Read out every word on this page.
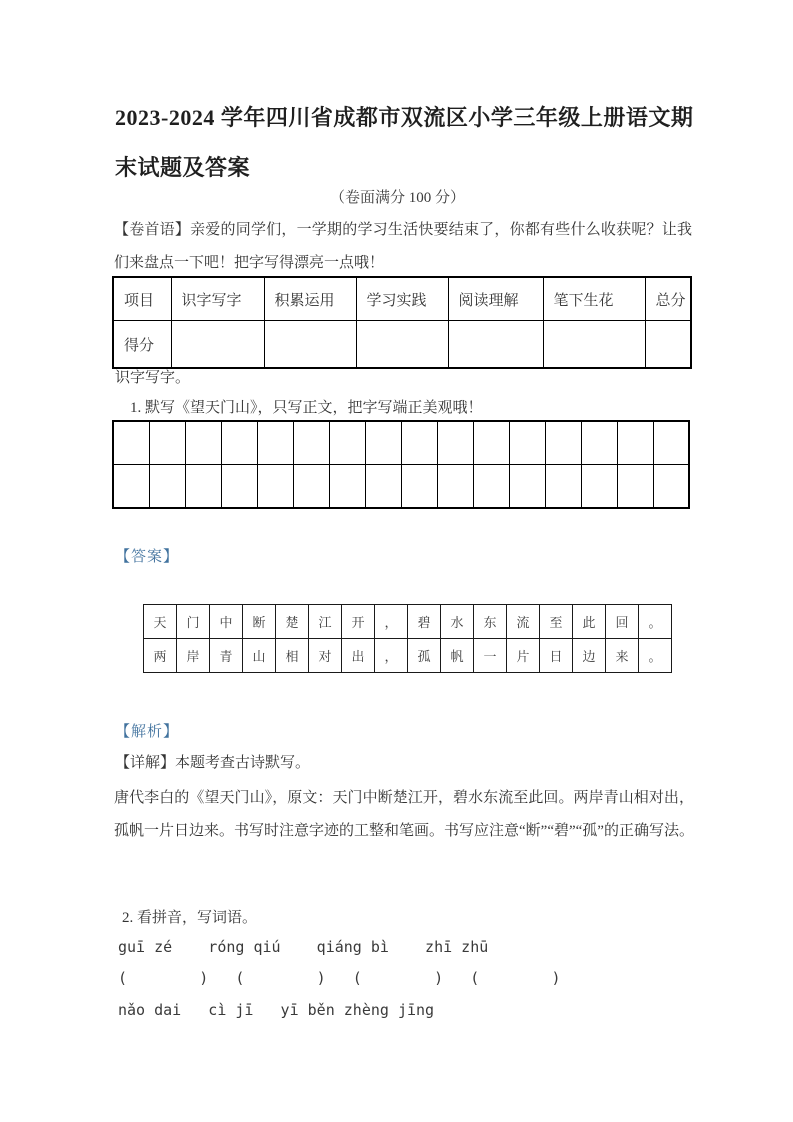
2023-2024 学年四川省成都市双流区小学三年级上册语文期
末试题及答案
（卷面满分 100 分）
【卷首语】亲爱的同学们，一学期的学习生活快要结束了，你都有些什么收获呢？让我们来盘点一下吧！把字写得漂亮一点哦！
项目	识字写字	积累运用	学习实践	阅读理解	笔下生花	总分
得分						
识字写字。
1. 默写《望天门山》，只写正文，把字写端正美观哦！

【答案】
天	门	中	断	楚	江	开	，	碧	水	东	流	至	此	回	。
两	岸	青	山	相	对	出	，	孤	帆	一	片	日	边	来	。
【解析】
【详解】本题考查古诗默写。
唐代李白的《望天门山》，原文：天门中断楚江开，碧水东流至此回。两岸青山相对出，孤帆一片日边来。书写时注意字迹的工整和笔画。书写应注意“断”“碧”“孤”的正确写法。
2. 看拼音，写词语。
guī zé    róng qiú    qiáng bì    zhī zhū
(        )   (        )   (        )   (        )
nǎo dai   cì jī   yī běn zhèng jīng
